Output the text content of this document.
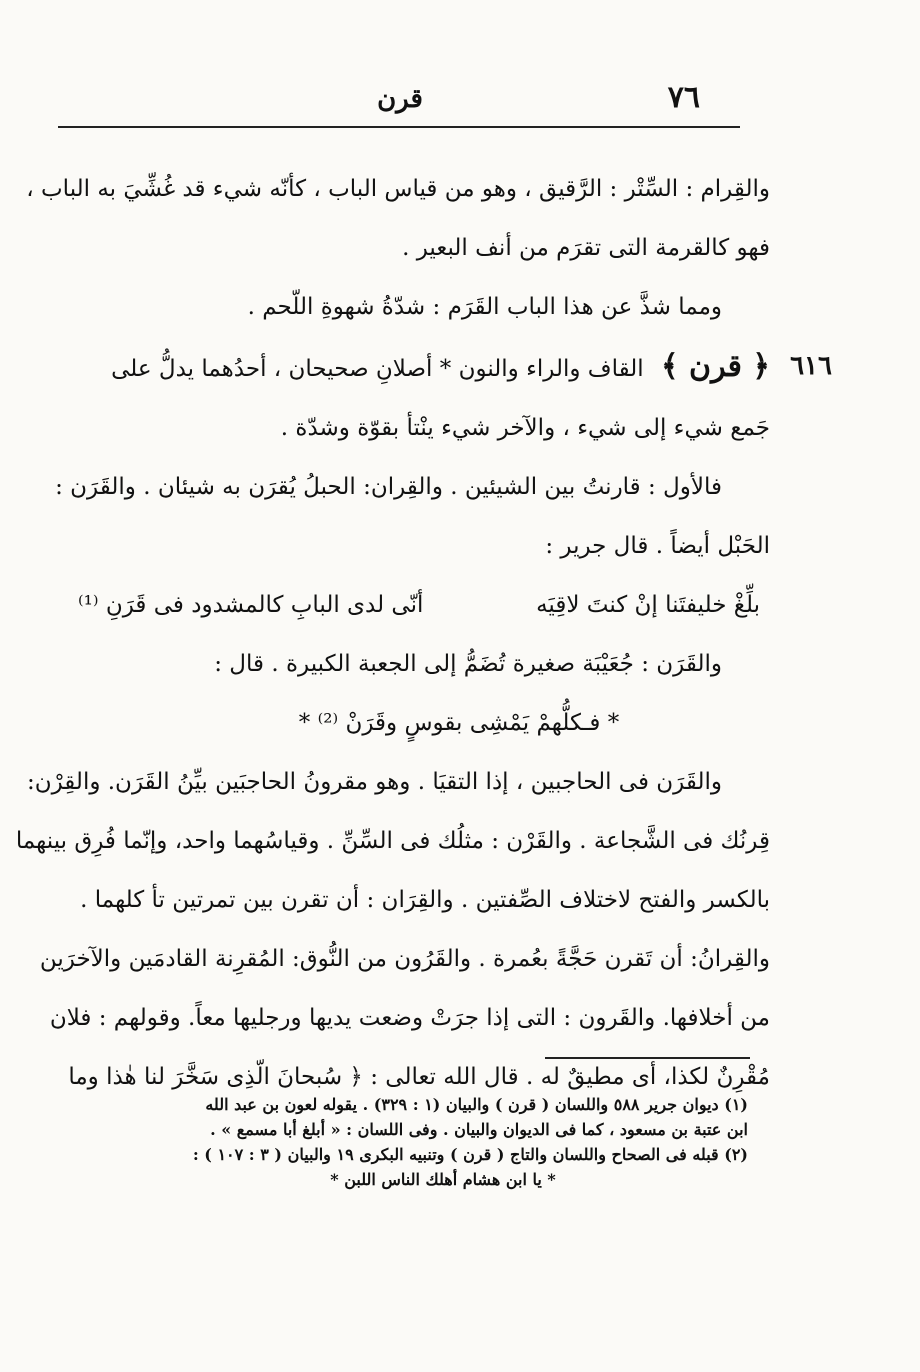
٧٦
قرن

والقِرام : السِّتْر : الرَّقيق ، وهو من قياس الباب ، كأنّه شيء قد غُشِّيَ به الباب ،

فهو كالقرمة التى تقرَم من أنف البعير .

ومما شذَّ عن هذا الباب القَرَم : شدّةُ شهوةِ اللّحم .

٦١٦
﴿ قرن ﴾ القاف والراء والنون * أصلانِ صحيحان ، أحدُهما يدلُّ على

جَمع شيء إلى شيء ، والآخر شيء ينْتأ بقوّة وشدّة .

فالأول : قارنتُ بين الشيئين . والقِران: الحبلُ يُقرَن به شيئان . والقَرَن :

الحَبْل أيضاً . قال جرير :

بلِّغْ خليفتَنا إنْ كنتَ لاقِيَه
أنّى لدى البابِ كالمشدود فى قَرَنِ ⁽¹⁾

والقَرَن : جُعَيْبَة صغيرة تُضَمُّ إلى الجعبة الكبيرة . قال :

* فـكلُّهمْ يَمْشِى بقوسٍ وقَرَنْ ⁽²⁾ *

والقَرَن فى الحاجبين ، إذا التقيَا . وهو مقرونُ الحاجبَين بيِّنُ القَرَن. والقِرْن:

قِرنُك فى الشَّجاعة . والقَرْن : مثلُك فى السِّنِّ . وقياسُهما واحد، وإنّما فُرِق بينهما

بالكسر والفتح لاختلاف الصِّفتين . والقِرَان : أن تقرن بين تمرتين تأ كلهما .

والقِرانُ: أن تَقرن حَجَّةً بعُمرة . والقَرُون من النُّوق: المُقرِنة القادمَين والآخرَين

من أخلافها. والقَرون : التى إذا جرَتْ وضعت يديها ورجليها معاً. وقولهم : فلان

مُقْرِنٌ لكذا، أى مطيقٌ له . قال الله تعالى : ﴿ سُبحانَ الّذِى سَخَّرَ لنا هٰذا وما

(١) ديوان جرير ٥٨٨ واللسان ( قرن ) والبيان (١ : ٣٢٩) . يقوله لعون بن عبد الله

ابن عتبة بن مسعود ، كما فى الديوان والبيان . وفى اللسان : « أبلغ أبا مسمع » .

(٢) قبله فى الصحاح واللسان والتاج ( قرن ) وتنبيه البكرى ١٩ والبيان ( ٣ : ١٠٧ ) :

* يا ابن هشام أهلك الناس اللبن *
